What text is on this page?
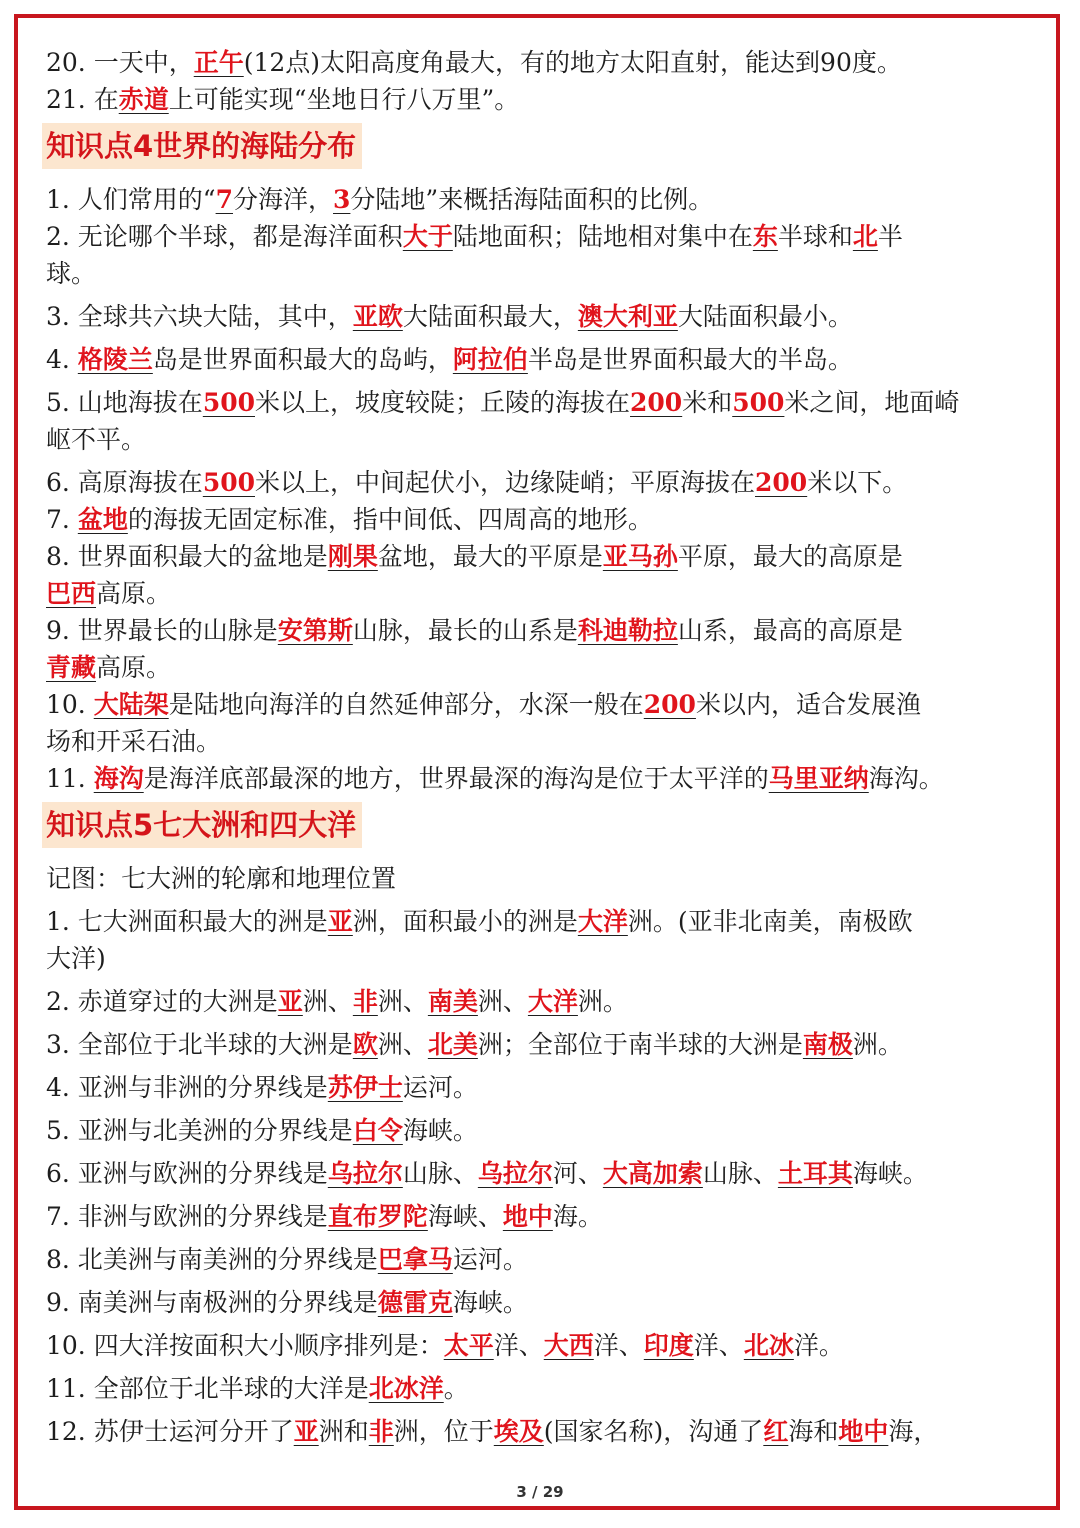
20. 一天中，正午(12点)太阳高度角最大，有的地方太阳直射，能达到90度。
21. 在赤道上可能实现“坐地日行八万里”。
知识点4世界的海陆分布
1. 人们常用的“7分海洋，3分陆地”来概括海陆面积的比例。
2. 无论哪个半球，都是海洋面积大于陆地面积；陆地相对集中在东半球和北半
球。
3. 全球共六块大陆，其中，亚欧大陆面积最大，澳大利亚大陆面积最小。
4. 格陵兰岛是世界面积最大的岛屿，阿拉伯半岛是世界面积最大的半岛。
5. 山地海拔在500米以上，坡度较陡；丘陵的海拔在200米和500米之间，地面崎
岖不平。
6. 高原海拔在500米以上，中间起伏小，边缘陡峭；平原海拔在200米以下。
7. 盆地的海拔无固定标准，指中间低、四周高的地形。
8. 世界面积最大的盆地是刚果盆地，最大的平原是亚马孙平原，最大的高原是
巴西高原。
9. 世界最长的山脉是安第斯山脉，最长的山系是科迪勒拉山系，最高的高原是
青藏高原。
10. 大陆架是陆地向海洋的自然延伸部分，水深一般在200米以内，适合发展渔
场和开采石油。
11. 海沟是海洋底部最深的地方，世界最深的海沟是位于太平洋的马里亚纳海沟。
知识点5七大洲和四大洋
记图：七大洲的轮廓和地理位置
1. 七大洲面积最大的洲是亚洲，面积最小的洲是大洋洲。(亚非北南美，南极欧
大洋)
2. 赤道穿过的大洲是亚洲、非洲、南美洲、大洋洲。
3. 全部位于北半球的大洲是欧洲、北美洲；全部位于南半球的大洲是南极洲。
4. 亚洲与非洲的分界线是苏伊士运河。
5. 亚洲与北美洲的分界线是白令海峡。
6. 亚洲与欧洲的分界线是乌拉尔山脉、乌拉尔河、大高加索山脉、土耳其海峡。
7. 非洲与欧洲的分界线是直布罗陀海峡、地中海。
8. 北美洲与南美洲的分界线是巴拿马运河。
9. 南美洲与南极洲的分界线是德雷克海峡。
10. 四大洋按面积大小顺序排列是：太平洋、大西洋、印度洋、北冰洋。
11. 全部位于北半球的大洋是北冰洋。
12. 苏伊士运河分开了亚洲和非洲，位于埃及(国家名称)，沟通了红海和地中海，
3 / 29
